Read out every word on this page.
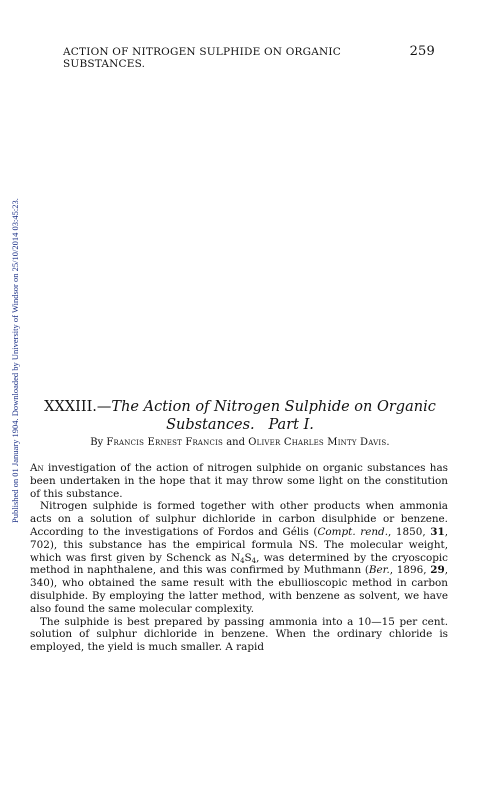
ACTION OF NITROGEN SULPHIDE ON ORGANIC SUBSTANCES.
259
Published on 01 January 1904. Downloaded by University of Windsor on 25/10/2014 03:45:23. XXXIII.—The Action of Nitrogen Sulphide on Organic
Substances. Part I.
By Francis Ernest Francis and Oliver Charles Minty Davis.

An investigation of the action of nitrogen sulphide on organic substances has been undertaken in the hope that it may throw some light on the constitution of this substance.

Nitrogen sulphide is formed together with other products when ammonia acts on a solution of sulphur dichloride in carbon disulphide or benzene. According to the investigations of Fordos and Gélis (Compt. rend., 1850, 31, 702), this substance has the empirical formula NS. The molecular weight, which was first given by Schenck as $N_4S_4$, was determined by the cryoscopic method in naphthalene, and this was confirmed by Muthmann (Ber., 1896, 29, 340), who obtained the same result with the ebullioscopic method in carbon disulphide. By employing the latter method, with benzene as solvent, we have also found the same molecular complexity.

The sulphide is best prepared by passing ammonia into a 10—15 per cent. solution of sulphur dichloride in benzene. When the ordinary chloride is employed, the yield is much smaller. A rapid
